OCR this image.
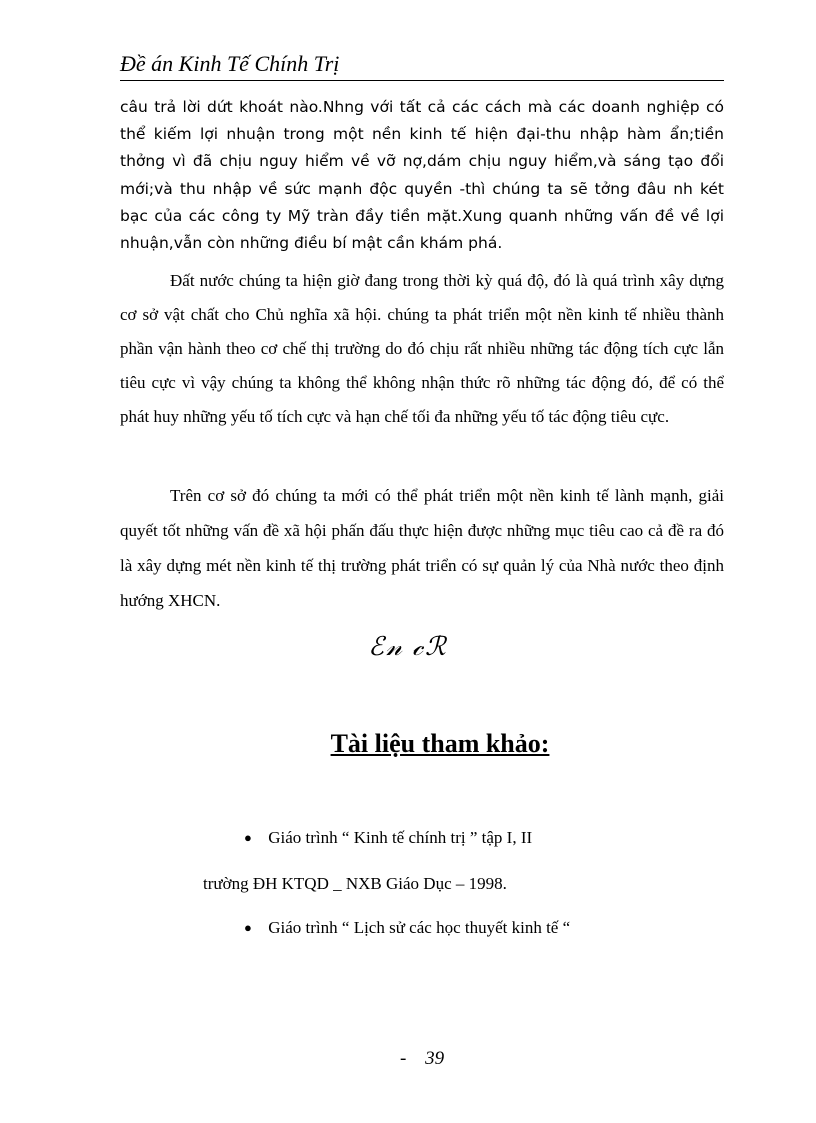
Đề án Kinh Tế Chính Trị
câu trả lời dứt khoát nào.Nhng với tất cả các cách mà các doanh nghiệp có thể kiếm lợi nhuận trong một nền kinh tế hiện đại-thu nhập hàm ẩn;tiền thởng vì đã chịu nguy hiểm về vỡ nợ,dám chịu nguy hiểm,và sáng tạo đổi mới;và thu nhập về sức mạnh độc quyền -thì chúng ta sẽ tởng đâu nh két bạc của các công ty Mỹ tràn đầy tiền mặt.Xung quanh những vấn đề về lợi nhuận,vẫn còn những điều bí mật cần khám phá.
Đất nước chúng ta hiện giờ đang trong thời kỳ quá độ, đó là quá trình xây dựng cơ sở vật chất cho Chủ nghĩa xã hội. chúng ta phát triển một nền kinh tế nhiều thành phần vận hành theo cơ chế thị trường do đó chịu rất nhiều những tác động tích cực lẫn tiêu cực vì vậy chúng ta không thể không nhận thức rõ những tác động đó, để có thể phát huy những yếu tố tích cực và hạn chế tối đa những yếu tố tác động tiêu cực.
Trên cơ sở đó chúng ta mới có thể phát triển một nền kinh tế lành mạnh, giải quyết tốt những vấn đề xã hội phấn đấu thực hiện được những mục tiêu cao cả đề ra đó là xây dựng mét nền kinh tế thị trường phát triển có sự quản lý của Nhà nước theo định hướng XHCN.
ℰ𝓃 𝒸ℛ
Tài liệu tham khảo:
● Giáo trình “ Kinh tế chính trị ” tập I, II
trường ĐH KTQD _ NXB Giáo Dục – 1998.
● Giáo trình “ Lịch sử các học thuyết kinh tế “
- 39
